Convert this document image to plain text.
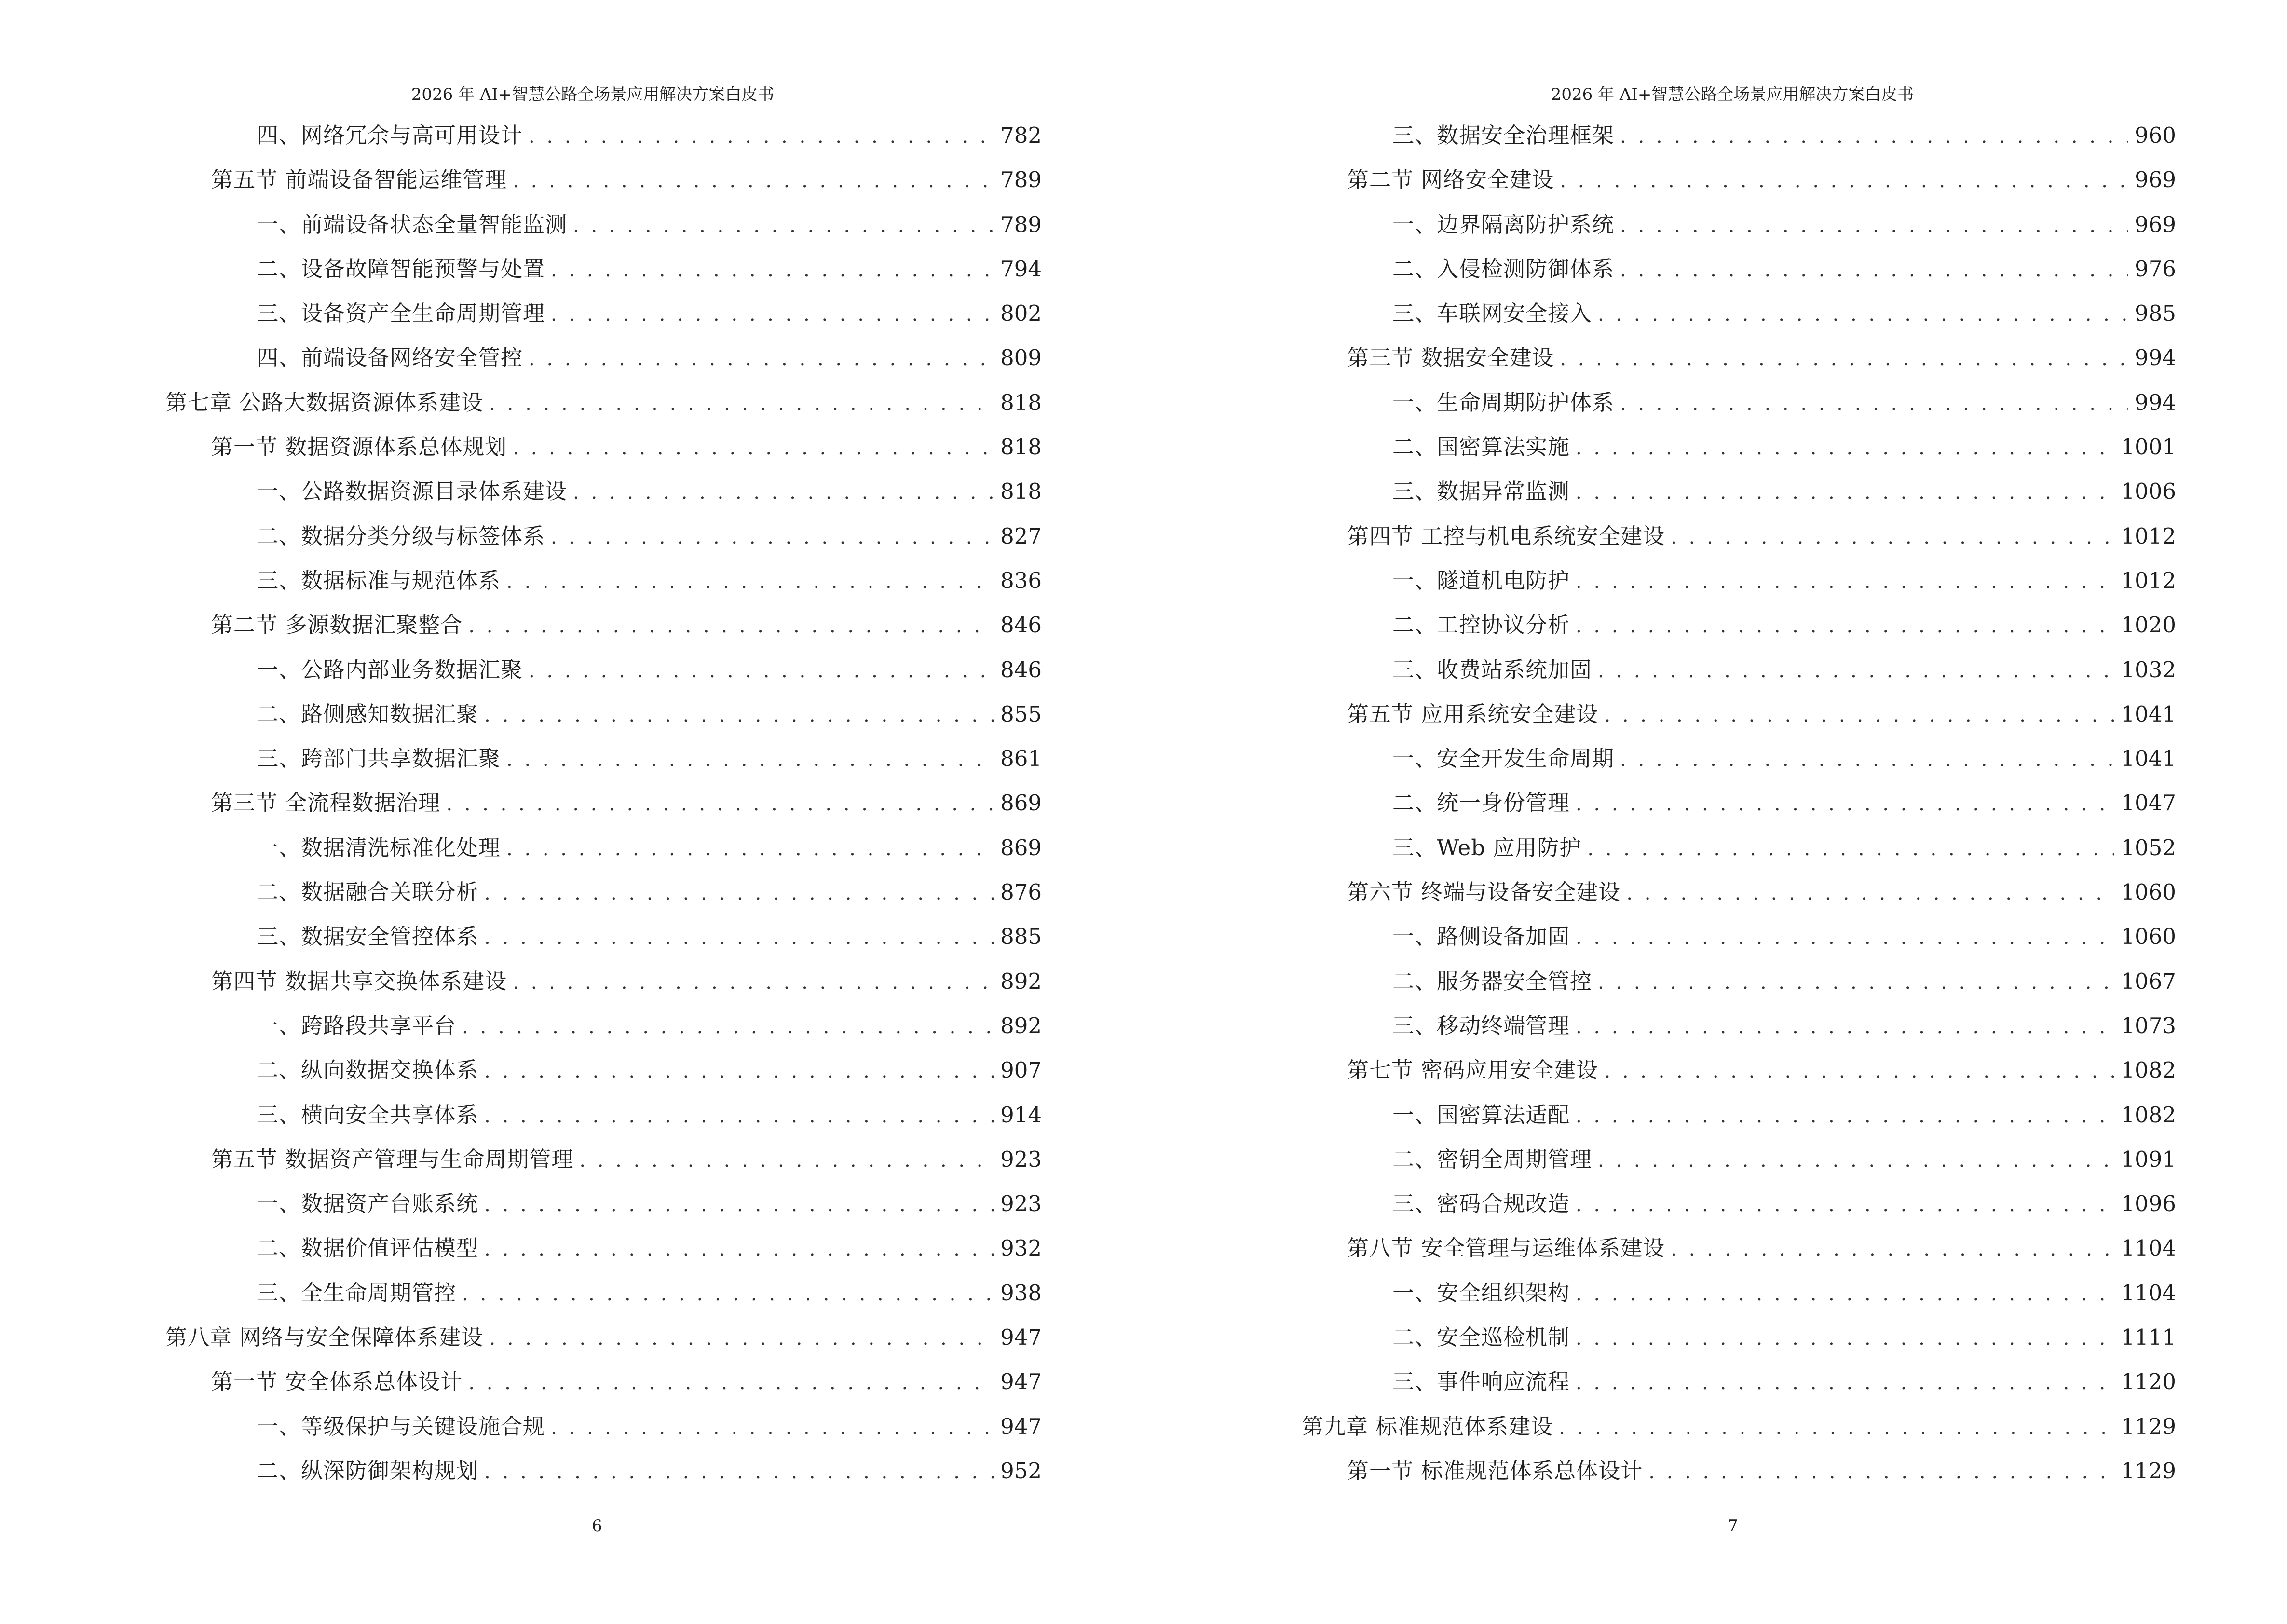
2026 年 AI+智慧公路全场景应用解决方案白皮书
四、网络冗余与高可用设计 . . .	782
第五节 前端设备智能运维管理 . . .	789
一、前端设备状态全量智能监测 . . .	789
二、设备故障智能预警与处置 . . .	794
三、设备资产全生命周期管理 . . .	802
四、前端设备网络安全管控 . . .	809
第七章 公路大数据资源体系建设 . . .	818
第一节 数据资源体系总体规划 . . .	818
一、公路数据资源目录体系建设 . . .	818
二、数据分类分级与标签体系 . . .	827
三、数据标准与规范体系 . . .	836
第二节 多源数据汇聚整合 . . .	846
一、公路内部业务数据汇聚 . . .	846
二、路侧感知数据汇聚 . . .	855
三、跨部门共享数据汇聚 . . .	861
第三节 全流程数据治理 . . .	869
一、数据清洗标准化处理 . . .	869
二、数据融合关联分析 . . .	876
三、数据安全管控体系 . . .	885
第四节 数据共享交换体系建设 . . .	892
一、跨路段共享平台 . . .	892
二、纵向数据交换体系 . . .	907
三、横向安全共享体系 . . .	914
第五节 数据资产管理与生命周期管理 . . .	923
一、数据资产台账系统 . . .	923
二、数据价值评估模型 . . .	932
三、全生命周期管控 . . .	938
第八章 网络与安全保障体系建设 . . .	947
第一节 安全体系总体设计 . . .	947
一、等级保护与关键设施合规 . . .	947
二、纵深防御架构规划 . . .	952
6
2026 年 AI+智慧公路全场景应用解决方案白皮书
三、数据安全治理框架 . . .	960
第二节 网络安全建设 . . .	969
一、边界隔离防护系统 . . .	969
二、入侵检测防御体系 . . .	976
三、车联网安全接入 . . .	985
第三节 数据安全建设 . . .	994
一、生命周期防护体系 . . .	994
二、国密算法实施 . . .	1001
三、数据异常监测 . . .	1006
第四节 工控与机电系统安全建设 . . .	1012
一、隧道机电防护 . . .	1012
二、工控协议分析 . . .	1020
三、收费站系统加固 . . .	1032
第五节 应用系统安全建设 . . .	1041
一、安全开发生命周期 . . .	1041
二、统一身份管理 . . .	1047
三、Web 应用防护 . . .	1052
第六节 终端与设备安全建设 . . .	1060
一、路侧设备加固 . . .	1060
二、服务器安全管控 . . .	1067
三、移动终端管理 . . .	1073
第七节 密码应用安全建设 . . .	1082
一、国密算法适配 . . .	1082
二、密钥全周期管理 . . .	1091
三、密码合规改造 . . .	1096
第八节 安全管理与运维体系建设 . . .	1104
一、安全组织架构 . . .	1104
二、安全巡检机制 . . .	1111
三、事件响应流程 . . .	1120
第九章 标准规范体系建设 . . .	1129
第一节 标准规范体系总体设计 . . .	1129
7
